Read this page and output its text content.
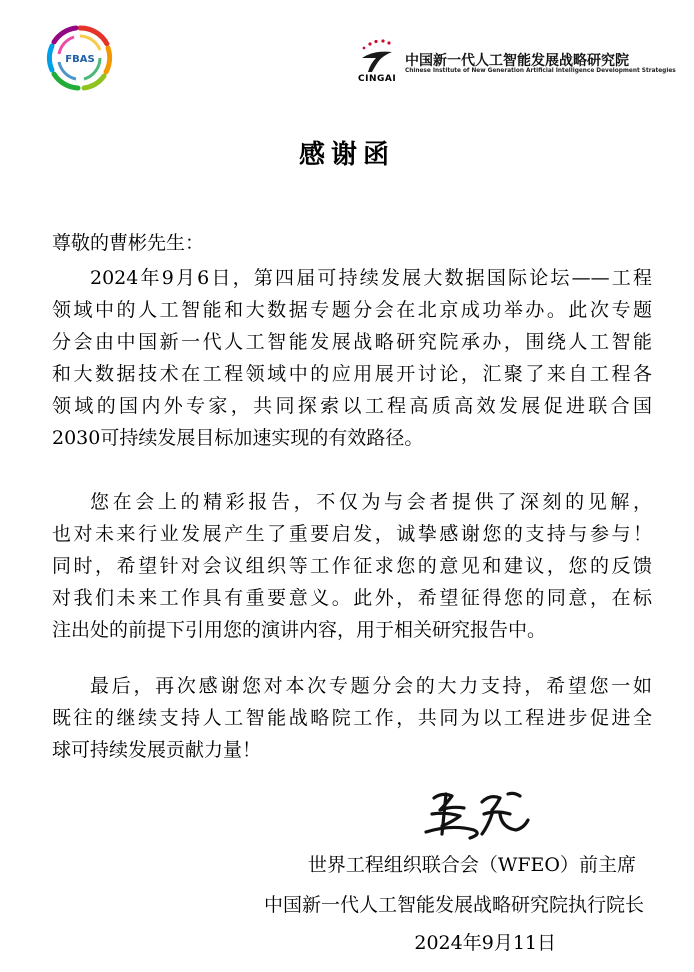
FBAS
CINGAI
中国新一代人工智能发展战略研究院
Chinese Institute of New Generation Artificial Intelligence Development Strategies
感谢函
尊敬的曹彬先生：
2024年9月6日，第四届可持续发展大数据国际论坛——工程
领域中的人工智能和大数据专题分会在北京成功举办。此次专题
分会由中国新一代人工智能发展战略研究院承办，围绕人工智能
和大数据技术在工程领域中的应用展开讨论，汇聚了来自工程各
领域的国内外专家，共同探索以工程高质高效发展促进联合国
2030可持续发展目标加速实现的有效路径。
您在会上的精彩报告，不仅为与会者提供了深刻的见解，
也对未来行业发展产生了重要启发，诚挚感谢您的支持与参与！
同时，希望针对会议组织等工作征求您的意见和建议，您的反馈
对我们未来工作具有重要意义。此外，希望征得您的同意，在标
注出处的前提下引用您的演讲内容，用于相关研究报告中。
最后，再次感谢您对本次专题分会的大力支持，希望您一如
既往的继续支持人工智能战略院工作，共同为以工程进步促进全
球可持续发展贡献力量！
世界工程组织联合会（WFEO）前主席
中国新一代人工智能发展战略研究院执行院长
2024年9月11日
